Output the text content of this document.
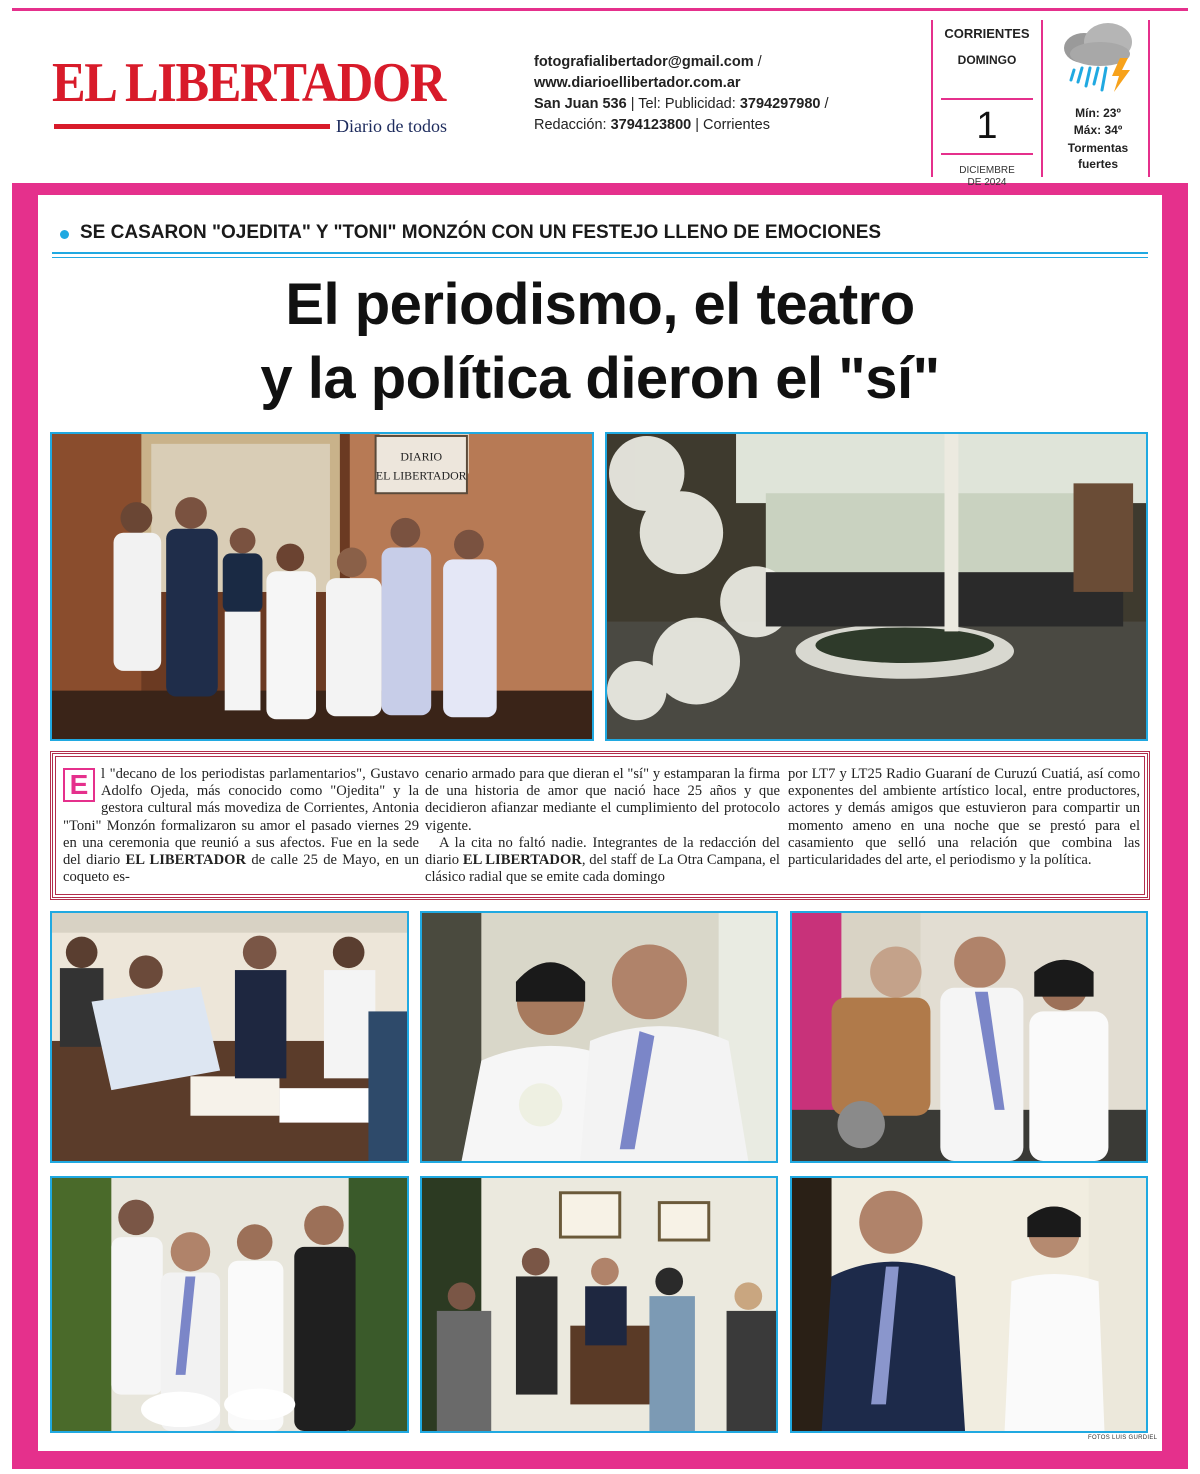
EL LIBERTADOR
Diario de todos
fotografialibertador@gmail.com /
www.diarioellibertador.com.ar
San Juan 536 | Tel: Publicidad: 3794297980 /
Redacción: 3794123800 | Corrientes
CORRIENTES
DOMINGO
1
DICIEMBRE
DE 2024
Mín: 23º
Máx: 34º
Tormentas fuertes
SE CASARON "OJEDITA" Y "TONI" MONZÓN CON UN FESTEJO LLENO DE EMOCIONES
El periodismo, el teatro
y la política dieron el "sí"
DIARIO
EL LIBERTADOR
E l "decano de los periodistas parlamentarios", Gustavo Adolfo Ojeda, más conocido como "Ojedita" y la gestora cultural más movediza de Corrientes, Antonia "Toni" Monzón formalizaron su amor el pasado viernes 29 en una ceremonia que reunió a sus afectos. Fue en la sede del diario EL LIBERTADOR de calle 25 de Mayo, en un coqueto es-
cenario armado para que dieran el "sí" y estamparan la firma de una historia de amor que nació hace 25 años y que decidieron afianzar mediante el cumplimiento del protocolo vigente.
A la cita no faltó nadie. Integrantes de la redacción del diario EL LIBERTADOR, del staff de La Otra Campana, el clásico radial que se emite cada domingo
por LT7 y LT25 Radio Guaraní de Curuzú Cuatiá, así como exponentes del ambiente artístico local, entre productores, actores y demás amigos que estuvieron para compartir un momento ameno en una noche que se prestó para el casamiento que selló una relación que combina las particularidades del arte, el periodismo y la política.
FOTOS LUIS GURDIEL
